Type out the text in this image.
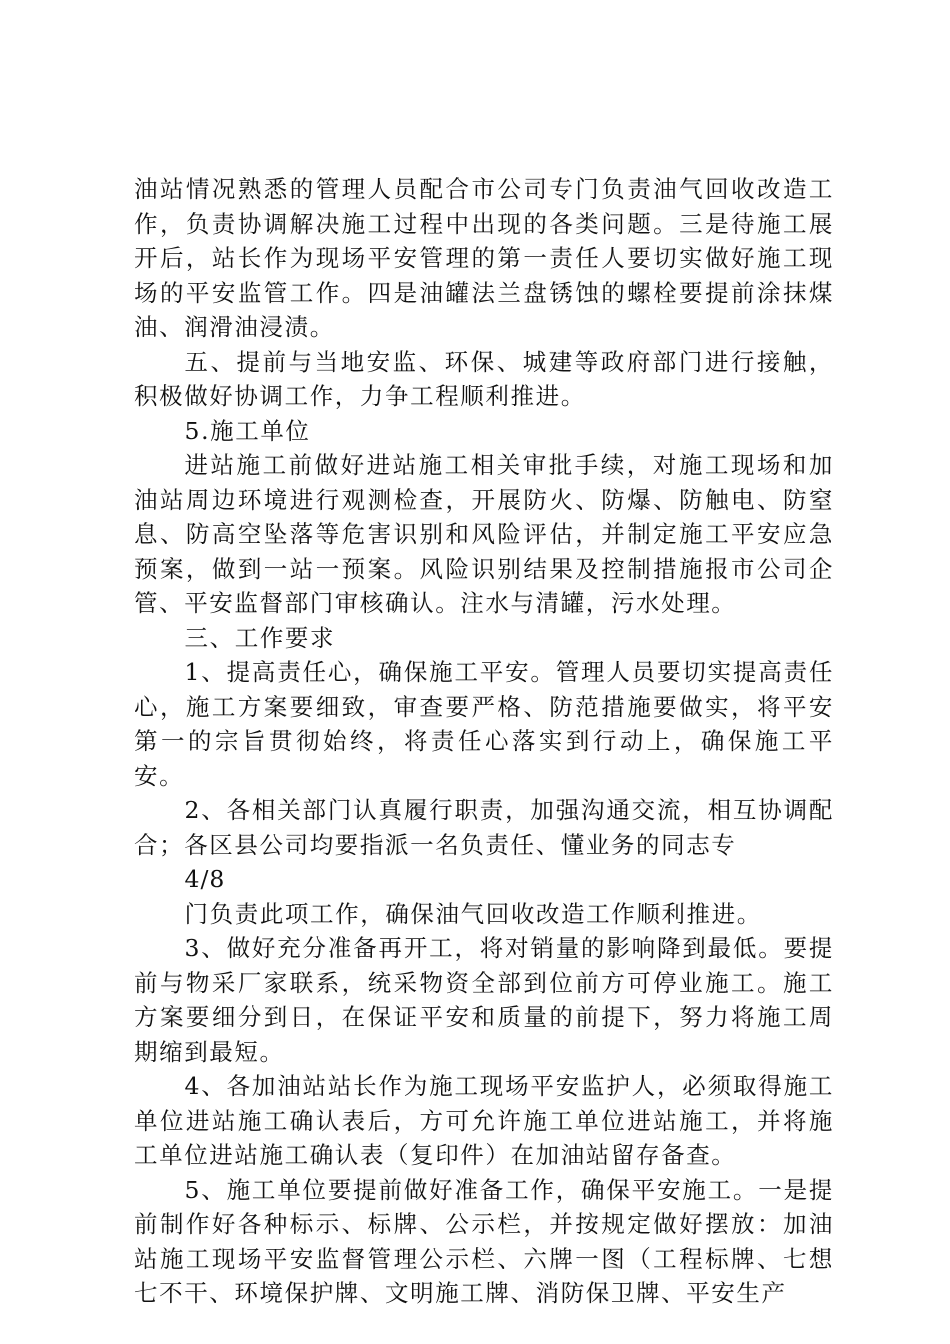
油站情况熟悉的管理人员配合市公司专门负责油气回收改造工作，负责协调解决施工过程中出现的各类问题。三是待施工展开后，站长作为现场平安管理的第一责任人要切实做好施工现场的平安监管工作。四是油罐法兰盘锈蚀的螺栓要提前涂抹煤油、润滑油浸渍。

五、提前与当地安监、环保、城建等政府部门进行接触，积极做好协调工作，力争工程顺利推进。

5.施工单位

进站施工前做好进站施工相关审批手续，对施工现场和加油站周边环境进行观测检查，开展防火、防爆、防触电、防窒息、防高空坠落等危害识别和风险评估，并制定施工平安应急预案，做到一站一预案。风险识别结果及控制措施报市公司企管、平安监督部门审核确认。注水与清罐，污水处理。

三、工作要求

1、提高责任心，确保施工平安。管理人员要切实提高责任心，施工方案要细致，审查要严格、防范措施要做实，将平安第一的宗旨贯彻始终，将责任心落实到行动上，确保施工平安。

2、各相关部门认真履行职责，加强沟通交流，相互协调配合；各区县公司均要指派一名负责任、懂业务的同志专

4/8

门负责此项工作，确保油气回收改造工作顺利推进。

3、做好充分准备再开工，将对销量的影响降到最低。要提前与物采厂家联系，统采物资全部到位前方可停业施工。施工方案要细分到日，在保证平安和质量的前提下，努力将施工周期缩到最短。

4、各加油站站长作为施工现场平安监护人，必须取得施工单位进站施工确认表后，方可允许施工单位进站施工，并将施工单位进站施工确认表（复印件）在加油站留存备查。

5、施工单位要提前做好准备工作，确保平安施工。一是提前制作好各种标示、标牌、公示栏，并按规定做好摆放：加油站施工现场平安监督管理公示栏、六牌一图（工程标牌、七想七不干、环境保护牌、文明施工牌、消防保卫牌、平安生产
